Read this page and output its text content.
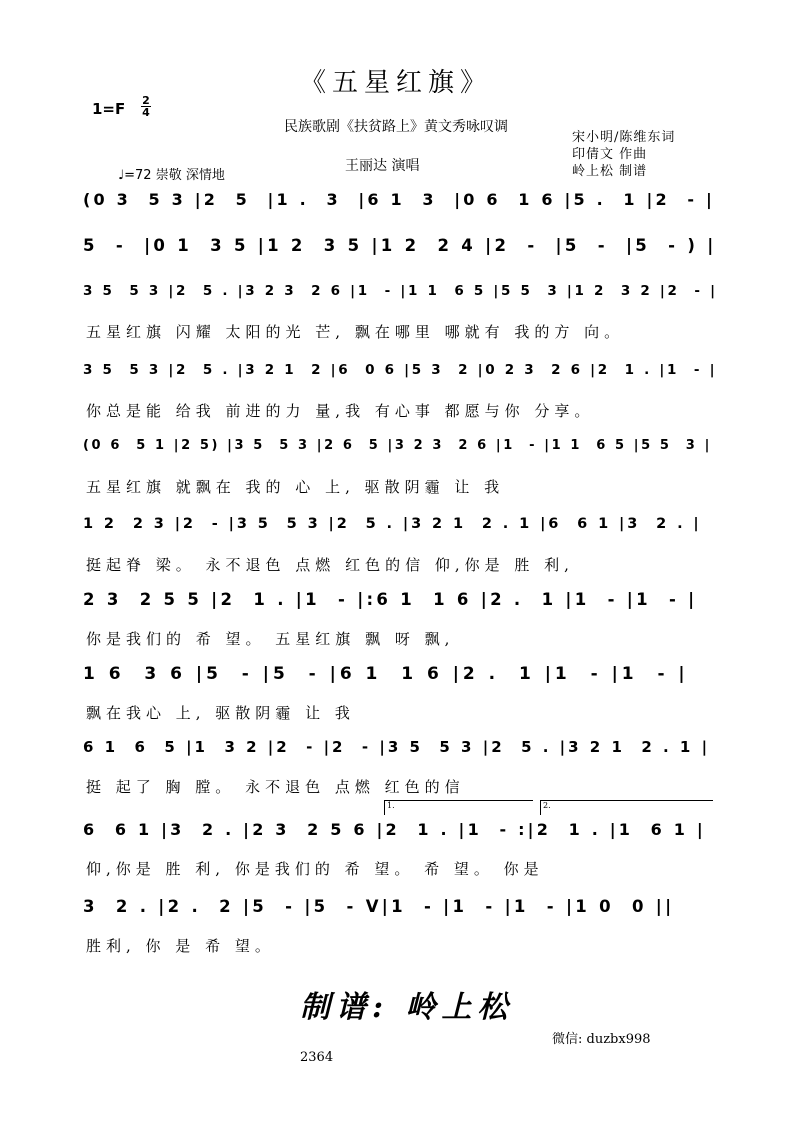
《五星红旗》
1=F 2
4
民族歌剧《扶贫路上》黄文秀咏叹调
宋小明/陈维东词
印倩文 作曲
岭上松 制谱
王丽达 演唱
♩=72 崇敬 深情地
(0 3  5 3 |2  5  |1 .  3  |6 1  3  |0 6  1 6 |5 .  1 |2  - |
5  -  |0 1  3 5 |1 2  3 5 |1 2  2 4 |2  -  |5  -  |5  - ) |
3 5  5 3 |2  5 . |3 2 3  2 6 |1  - |1 1  6 5 |5 5  3 |1 2  3 2 |2  - |
五星红旗 闪耀 太阳的光 芒, 飘在哪里 哪就有 我的方 向。
3 5  5 3 |2  5 . |3 2 1  2 |6  0 6 |5 3  2 |0 2 3  2 6 |2  1 . |1  - |
你总是能 给我 前进的力 量,我 有心事 都愿与你 分享。
(0 6  5 1 |2 5) |3 5  5 3 |2 6  5 |3 2 3  2 6 |1  - |1 1  6 5 |5 5  3 |
五星红旗 就飘在 我的 心 上, 驱散阴霾 让 我
1 2  2 3 |2  - |3 5  5 3 |2  5 . |3 2 1  2 . 1 |6  6 1 |3  2 . |
挺起脊 梁。 永不退色 点燃 红色的信 仰,你是 胜 利,
2 3  2 5 5 |2  1 . |1  - |:6 1  1 6 |2 .  1 |1  - |1  - |
你是我们的 希 望。 五星红旗 飘 呀 飘,
1 6  3 6 |5  - |5  - |6 1  1 6 |2 .  1 |1  - |1  - |
飘在我心 上, 驱散阴霾 让 我
6 1  6  5 |1  3 2 |2  - |2  - |3 5  5 3 |2  5 . |3 2 1  2 . 1 |
挺 起了 胸 膛。 永不退色 点燃 红色的信
6  6 1 |3  2 . |2 3  2 5 6 |2  1 . |1  - :|2  1 . |1  6 1 |
仰,你是 胜 利, 你是我们的 希 望。 希 望。 你是
3  2 . |2 .  2 |5  - |5  - V|1  - |1  - |1  - |1 0  0 ||
胜利, 你 是 希 望。
1.	2.
制谱: 岭上松
微信: duzbx998
2364
